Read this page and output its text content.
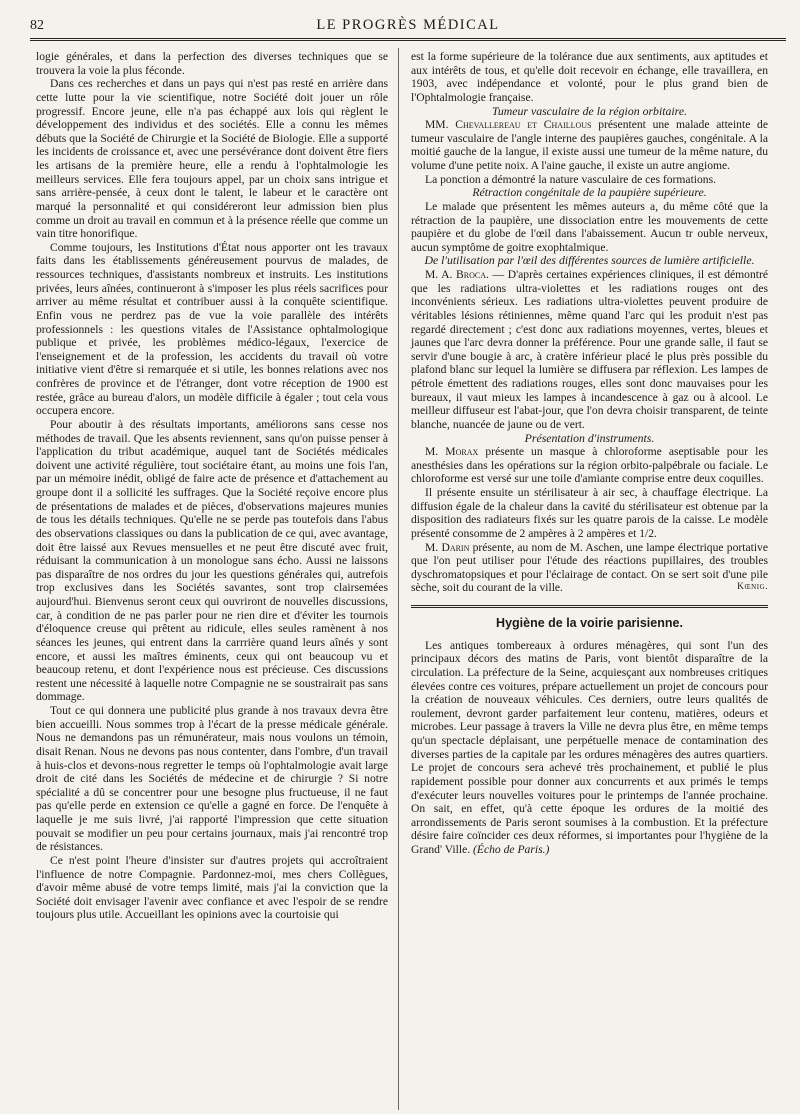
82	LE PROGRÈS MÉDICAL

logie générales, et dans la perfection des diverses techniques que se trouvera la voie la plus féconde.

Dans ces recherches et dans un pays qui n'est pas resté en arrière dans cette lutte pour la vie scientifique, notre Société doit jouer un rôle progressif. Encore jeune, elle n'a pas échappé aux lois qui règlent le développement des individus et des sociétés. Elle a connu les mêmes débuts que la Société de Chirurgie et la Société de Biologie. Elle a supporté les incidents de croissance et, avec une persévérance dont doivent être fiers les artisans de la première heure, elle a rendu à l'ophtalmologie les meilleurs services. Elle fera toujours appel, par un choix sans intrigue et sans arrière-pensée, à ceux dont le talent, le labeur et le caractère ont marqué la personnalité et qui considéreront leur admission bien plus comme un droit au travail en commun et à la présence réelle que comme un vain titre honorifique.

Comme toujours, les Institutions d'État nous apporter ont les travaux faits dans les établissements généreusement pourvus de malades, de ressources techniques, d'assistants nombreux et instruits. Les institutions privées, leurs aînées, continueront à s'imposer les plus réels sacrifices pour arriver au même résultat et contribuer aussi à la conquête scientifique. Enfin vous ne perdrez pas de vue la voie parallèle des intérêts professionnels : les questions vitales de l'Assistance ophtalmologique publique et privée, les problèmes médico-légaux, l'exercice de l'enseignement et de la profession, les accidents du travail où votre initiative vient d'être si remarquée et si utile, les bonnes relations avec nos confrères de province et de l'étranger, dont votre réception de 1900 est restée, grâce au bureau d'alors, un modèle difficile à égaler ; tout cela vous occupera encore.

Pour aboutir à des résultats importants, améliorons sans cesse nos méthodes de travail. Que les absents reviennent, sans qu'on puisse penser à l'application du tribut académique, auquel tant de Sociétés médicales doivent une activité régulière, tout sociétaire étant, au moins une fois l'an, par un mémoire inédit, obligé de faire acte de présence et d'attachement au groupe dont il a sollicité les suffrages. Que la Société reçoive encore plus de présentations de malades et de pièces, d'observations majeures munies de tous les détails techniques. Qu'elle ne se perde pas toutefois dans l'abus des observations classiques ou dans la publication de ce qui, avec avantage, doit être laissé aux Revues mensuelles et ne peut être discuté avec fruit, réduisant la communication à un monologue sans écho. Aussi ne laissons pas disparaître de nos ordres du jour les questions générales qui, autrefois trop exclusives dans les Sociétés savantes, sont trop clairsemées aujourd'hui. Bienvenus seront ceux qui ouvriront de nouvelles discussions, car, à condition de ne pas parler pour ne rien dire et d'éviter les tournois d'éloquence creuse qui prêtent au ridicule, elles seules ramènent à nos séances les jeunes, qui entrent dans la carrrière quand leurs aînés y sont encore, et aussi les maîtres éminents, ceux qui ont beaucoup vu et beaucoup retenu, et dont l'expérience nous est précieuse. Ces discussions restent une nécessité à laquelle notre Compagnie ne se soustrairait pas sans dommage.

Tout ce qui donnera une publicité plus grande à nos travaux devra être bien accueilli. Nous sommes trop à l'écart de la presse médicale générale. Nous ne demandons pas un rémunérateur, mais nous voulons un témoin, disait Renan. Nous ne devons pas nous contenter, dans l'ombre, d'un travail à huis-clos et devons-nous regretter le temps où l'ophtalmologie avait large droit de cité dans les Sociétés de médecine et de chirurgie ? Si notre spécialité a dû se concentrer pour une besogne plus fructueuse, il ne faut pas qu'elle perde en extension ce qu'elle a gagné en force. De l'enquête à laquelle je me suis livré, j'ai rapporté l'impression que cette situation pouvait se modifier un peu pour certains journaux, mais j'ai rencontré trop de résistances.

Ce n'est point l'heure d'insister sur d'autres projets qui accroîtraient l'influence de notre Compagnie. Pardonnez-moi, mes chers Collègues, d'avoir même abusé de votre temps limité, mais j'ai la conviction que la Société doit envisager l'avenir avec confiance et avec l'espoir de se rendre toujours plus utile. Accueillant les opinions avec la courtoisie qui

est la forme supérieure de la tolérance due aux sentiments, aux aptitudes et aux intérêts de tous, et qu'elle doit recevoir en échange, elle travaillera, en 1903, avec indépendance et volonté, pour le plus grand bien de l'Ophtalmologie française.

Tumeur vasculaire de la région orbitaire.

MM. Chevallereau et Chaillous présentent une malade atteinte de tumeur vasculaire de l'angle interne des paupières gauches, congénitale. A la moitié gauche de la langue, il existe aussi une tumeur de la même nature, du volume d'une petite noix. A l'aine gauche, il existe un autre angiome.

La ponction a démontré la nature vasculaire de ces formations.

Rétraction congénitale de la paupière supérieure.

Le malade que présentent les mêmes auteurs a, du même côté que la rétraction de la paupière, une dissociation entre les mouvements de cette paupière et du globe de l'œil dans l'abaissement. Aucun tr ouble nerveux, aucun symptôme de goitre exophtalmique.

De l'utilisation par l'œil des différentes sources de lumière artificielle.

M. A. Broca. — D'après certaines expériences cliniques, il est démontré que les radiations ultra-violettes et les radiations rouges ont des inconvénients sérieux. Les radiations ultra-violettes peuvent produire de véritables lésions rétiniennes, même quand l'arc qui les produit n'est pas regardé directement ; c'est donc aux radiations moyennes, vertes, bleues et jaunes que l'arc devra donner la préférence. Pour une grande salle, il faut se servir d'une bougie à arc, à cratère inférieur placé le plus près possible du plafond blanc sur lequel la lumière se diffusera par réflexion. Les lampes de pétrole émettent des radiations rouges, elles sont donc mauvaises pour les bureaux, il vaut mieux les lampes à incandescence à gaz ou à alcool. Le meilleur diffuseur est l'abat-jour, que l'on devra choisir transparent, de teinte blanche, nuancée de jaune ou de vert.

Présentation d'instruments.

M. Morax présente un masque à chloroforme aseptisable pour les anesthésies dans les opérations sur la région orbito-palpébrale ou faciale. Le chloroforme est versé sur une toile d'amiante comprise entre deux coquilles.

Il présente ensuite un stérilisateur à air sec, à chauffage électrique. La diffusion égale de la chaleur dans la cavité du stérilisateur est obtenue par la disposition des radiateurs fixés sur les quatre parois de la caisse. Le modèle présenté consomme de 2 ampères à 2 ampères et 1/2.

M. Darin présente, au nom de M. Aschen, une lampe électrique portative que l'on peut utiliser pour l'étude des réactions pupillaires, des troubles dyschromatopsiques et pour l'éclairage de contact. On se sert soit d'une pile sèche, soit du courant de la ville.	Kœnig.

Hygiène de la voirie parisienne.

Les antiques tombereaux à ordures ménagères, qui sont l'un des principaux décors des matins de Paris, vont bientôt disparaître de la circulation. La préfecture de la Seine, acquiesçant aux nombreuses critiques élevées contre ces voitures, prépare actuellement un projet de concours pour la création de nouveaux véhicules. Ces derniers, outre leurs qualités de roulement, devront garder parfaitement leur contenu, matières, odeurs et microbes. Leur passage à travers la Ville ne devra plus être, en même temps qu'un spectacle déplaisant, une perpétuelle menace de contamination des diverses parties de la capitale par les ordures ménagères des autres quartiers. Le projet de concours sera achevé très prochainement, et publié le plus rapidement possible pour donner aux concurrents et aux primés le temps d'exécuter leurs nouvelles voitures pour le printemps de l'année prochaine. On sait, en effet, qu'à cette époque les ordures de la moitié des arrondissements de Paris seront soumises à la combustion. Et la préfecture désire faire coïncider ces deux réformes, si importantes pour l'hygiène de la Grand' Ville. (Écho de Paris.)
